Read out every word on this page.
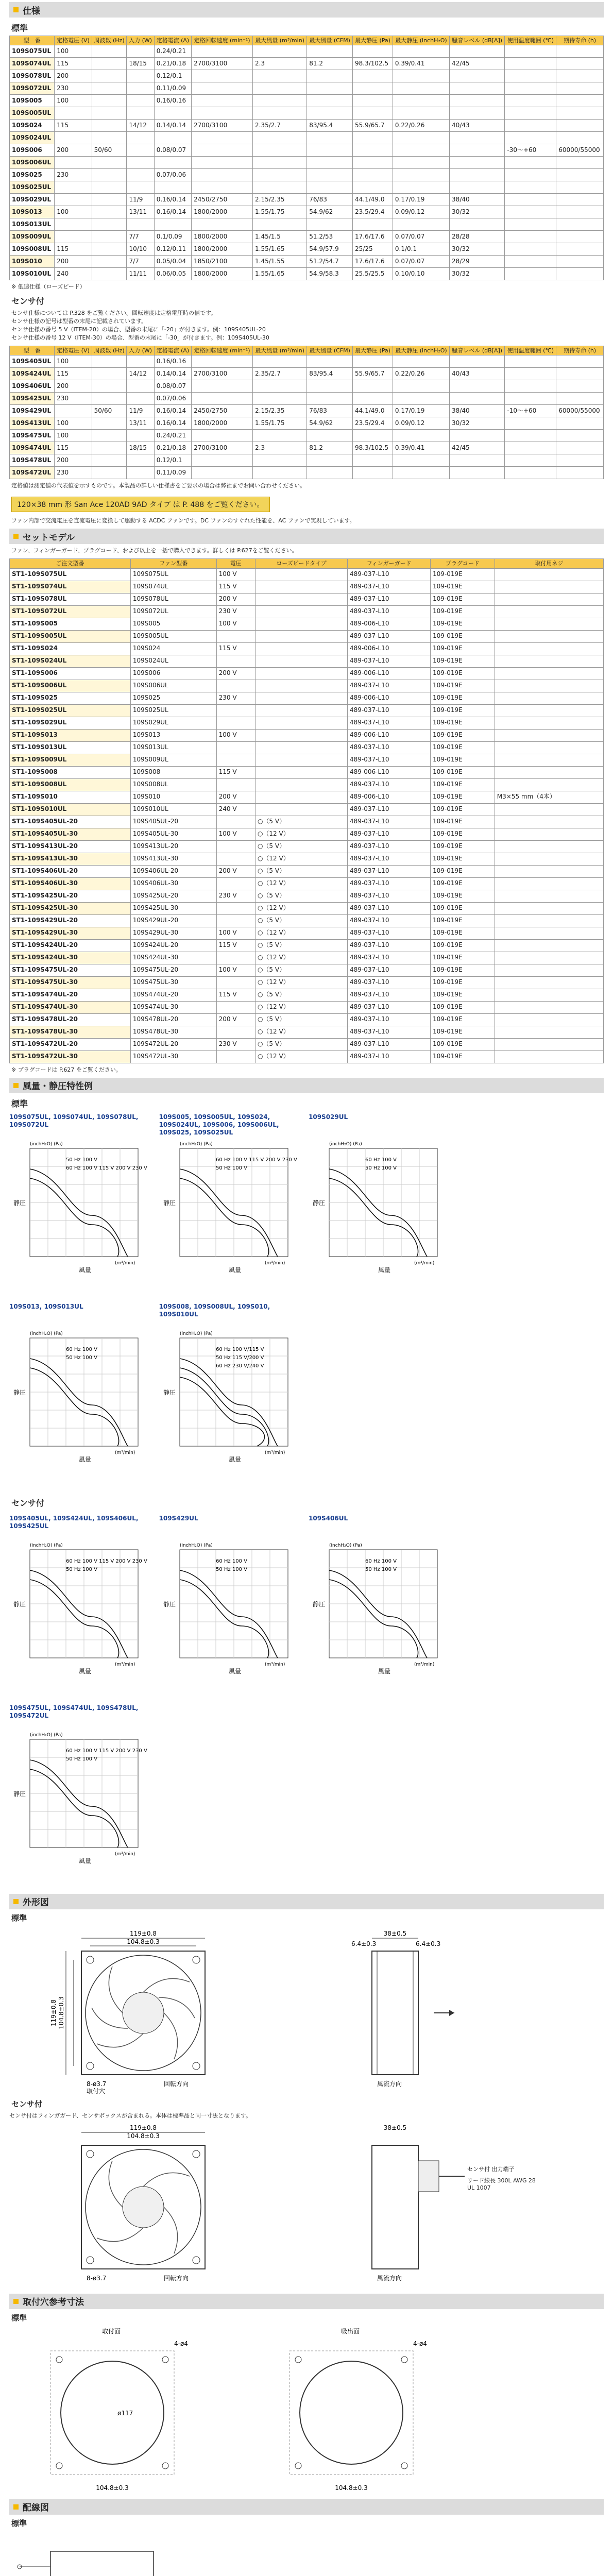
仕様
標準
型　番	定格電圧 (V)	周波数 (Hz)	入力 (W)	定格電流 (A)	定格回転速度 (min⁻¹)	最大風量 (m³/min)	最大風量 (CFM)	最大静圧 (Pa)	最大静圧 (inchH₂O)	騒音レベル (dB[A])	使用温度範囲 (℃)	期待寿命 (h)
109S075UL	100			0.24/0.21								
109S074UL	115		18/15	0.21/0.18	2700/3100	2.3	81.2	98.3/102.5	0.39/0.41	42/45		
109S078UL	200			0.12/0.1								
109S072UL	230			0.11/0.09								
109S005	100			0.16/0.16								
109S005UL												
109S024	115		14/12	0.14/0.14	2700/3100	2.35/2.7	83/95.4	55.9/65.7	0.22/0.26	40/43		
109S024UL												
109S006	200	50/60		0.08/0.07							-30～+60	60000/55000
109S006UL												
109S025	230			0.07/0.06								
109S025UL												
109S029UL			11/9	0.16/0.14	2450/2750	2.15/2.35	76/83	44.1/49.0	0.17/0.19	38/40		
109S013	100		13/11	0.16/0.14	1800/2000	1.55/1.75	54.9/62	23.5/29.4	0.09/0.12	30/32		
109S013UL												
109S009UL			7/7	0.1/0.09	1800/2000	1.45/1.5	51.2/53	17.6/17.6	0.07/0.07	28/28		
109S008UL	115		10/10	0.12/0.11	1800/2000	1.55/1.65	54.9/57.9	25/25	0.1/0.1	30/32		
109S010	200		7/7	0.05/0.04	1850/2100	1.45/1.55	51.2/54.7	17.6/17.6	0.07/0.07	28/29		
109S010UL	240		11/11	0.06/0.05	1800/2000	1.55/1.65	54.9/58.3	25.5/25.5	0.10/0.10	30/32		
※ 低速仕様（ローズピード）
センサ付
センサ仕様については P.328 をご覧ください。回転速度は定格電圧時の値です。
センサ仕様の記号は型番の末尾に記載されています。
センサ仕様の番号 5 V（ITEM-20）の場合、型番の末尾に「-20」が付きます。例：109S405UL-20
センサ仕様の番号 12 V（ITEM-30）の場合、型番の末尾に「-30」が付きます。例：109S405UL-30
型　番	定格電圧 (V)	周波数 (Hz)	入力 (W)	定格電流 (A)	定格回転速度 (min⁻¹)	最大風量 (m³/min)	最大風量 (CFM)	最大静圧 (Pa)	最大静圧 (inchH₂O)	騒音レベル (dB[A])	使用温度範囲 (℃)	期待寿命 (h)
109S405UL	100			0.16/0.16								
109S424UL	115		14/12	0.14/0.14	2700/3100	2.35/2.7	83/95.4	55.9/65.7	0.22/0.26	40/43		
109S406UL	200			0.08/0.07								
109S425UL	230			0.07/0.06								
109S429UL		50/60	11/9	0.16/0.14	2450/2750	2.15/2.35	76/83	44.1/49.0	0.17/0.19	38/40	-10～+60	60000/55000
109S413UL	100		13/11	0.16/0.14	1800/2000	1.55/1.75	54.9/62	23.5/29.4	0.09/0.12	30/32		
109S475UL	100			0.24/0.21								
109S474UL	115		18/15	0.21/0.18	2700/3100	2.3	81.2	98.3/102.5	0.39/0.41	42/45		
109S478UL	200			0.12/0.1								
109S472UL	230			0.11/0.09								
定格値は測定値の代表値を示すものです。本製品の詳しい仕様書をご要求の場合は弊社までお問い合わせください。
120×38 mm 形 San Ace 120AD 9AD タイプ は P. 488 をご覧ください。
ファン内部で交流電圧を直流電圧に変換して駆動する ACDC ファンです。DC ファンのすぐれた性能を、AC ファンで実現しています。
セットモデル
ファン、フィンガーガード、プラグコード、および以上を一括で購入できます。詳しくは P.627をご覧ください。
ご注文型番	ファン型番	電圧	ローズピードタイプ	フィンガーガード	プラグコード	取付用ネジ
ST1-109S075UL	109S075UL	100 V		489-037-L10	109-019E	
ST1-109S074UL	109S074UL	115 V		489-037-L10	109-019E	
ST1-109S078UL	109S078UL	200 V		489-037-L10	109-019E	
ST1-109S072UL	109S072UL	230 V		489-037-L10	109-019E	
ST1-109S005	109S005	100 V		489-006-L10	109-019E	
ST1-109S005UL	109S005UL			489-037-L10	109-019E	
ST1-109S024	109S024	115 V		489-006-L10	109-019E	
ST1-109S024UL	109S024UL			489-037-L10	109-019E	
ST1-109S006	109S006	200 V		489-006-L10	109-019E	
ST1-109S006UL	109S006UL			489-037-L10	109-019E	
ST1-109S025	109S025	230 V		489-006-L10	109-019E	
ST1-109S025UL	109S025UL			489-037-L10	109-019E	
ST1-109S029UL	109S029UL			489-037-L10	109-019E	
ST1-109S013	109S013	100 V		489-006-L10	109-019E	
ST1-109S013UL	109S013UL			489-037-L10	109-019E	
ST1-109S009UL	109S009UL			489-037-L10	109-019E	
ST1-109S008	109S008	115 V		489-006-L10	109-019E	
ST1-109S008UL	109S008UL			489-037-L10	109-019E	
ST1-109S010	109S010	200 V		489-006-L10	109-019E	M3×55 mm（4本）
ST1-109S010UL	109S010UL	240 V		489-037-L10	109-019E	
ST1-109S405UL-20	109S405UL-20		○（5 V）	489-037-L10	109-019E	
ST1-109S405UL-30	109S405UL-30	100 V	○（12 V）	489-037-L10	109-019E	
ST1-109S413UL-20	109S413UL-20		○（5 V）	489-037-L10	109-019E	
ST1-109S413UL-30	109S413UL-30		○（12 V）	489-037-L10	109-019E	
ST1-109S406UL-20	109S406UL-20	200 V	○（5 V）	489-037-L10	109-019E	
ST1-109S406UL-30	109S406UL-30		○（12 V）	489-037-L10	109-019E	
ST1-109S425UL-20	109S425UL-20	230 V	○（5 V）	489-037-L10	109-019E	
ST1-109S425UL-30	109S425UL-30		○（12 V）	489-037-L10	109-019E	
ST1-109S429UL-20	109S429UL-20		○（5 V）	489-037-L10	109-019E	
ST1-109S429UL-30	109S429UL-30	100 V	○（12 V）	489-037-L10	109-019E	
ST1-109S424UL-20	109S424UL-20	115 V	○（5 V）	489-037-L10	109-019E	
ST1-109S424UL-30	109S424UL-30		○（12 V）	489-037-L10	109-019E	
ST1-109S475UL-20	109S475UL-20	100 V	○（5 V）	489-037-L10	109-019E	
ST1-109S475UL-30	109S475UL-30		○（12 V）	489-037-L10	109-019E	
ST1-109S474UL-20	109S474UL-20	115 V	○（5 V）	489-037-L10	109-019E	
ST1-109S474UL-30	109S474UL-30		○（12 V）	489-037-L10	109-019E	
ST1-109S478UL-20	109S478UL-20	200 V	○（5 V）	489-037-L10	109-019E	
ST1-109S478UL-30	109S478UL-30		○（12 V）	489-037-L10	109-019E	
ST1-109S472UL-20	109S472UL-20	230 V	○（5 V）	489-037-L10	109-019E	
ST1-109S472UL-30	109S472UL-30		○（12 V）	489-037-L10	109-019E	
※ プラグコードは P.627 をご覧ください。
風量・静圧特性例
標準
109S075UL, 109S074UL, 109S078UL, 109S072UL
50 Hz 100 V
60 Hz 100 V 115 V 200 V 230 V
静圧
(inchH₂O) (Pa)
風量
(m³/min)
109S005, 109S005UL, 109S024, 109S024UL, 109S006, 109S006UL, 109S025, 109S025UL
60 Hz 100 V 115 V 200 V 230 V
50 Hz 100 V
静圧
(inchH₂O) (Pa)
風量
(m³/min)
109S029UL
60 Hz 100 V
50 Hz 100 V
静圧
(inchH₂O) (Pa)
風量
(m³/min)
109S013, 109S013UL
60 Hz 100 V
50 Hz 100 V
静圧
(inchH₂O) (Pa)
風量
(m³/min)
109S008, 109S008UL, 109S010, 109S010UL
60 Hz 100 V/115 V
50 Hz 115 V/200 V
60 Hz 230 V/240 V
静圧
(inchH₂O) (Pa)
風量
(m³/min)
センサ付
109S405UL, 109S424UL, 109S406UL, 109S425UL
60 Hz 100 V 115 V 200 V 230 V
50 Hz 100 V
静圧
(inchH₂O) (Pa)
風量
(m³/min)
109S429UL
60 Hz 100 V
50 Hz 100 V
静圧
(inchH₂O) (Pa)
風量
(m³/min)
109S406UL
60 Hz 100 V
50 Hz 100 V
静圧
(inchH₂O) (Pa)
風量
(m³/min)
109S475UL, 109S474UL, 109S478UL, 109S472UL
60 Hz 100 V 115 V 200 V 230 V
50 Hz 100 V
静圧
(inchH₂O) (Pa)
風量
(m³/min)
外形図
標準
119±0.8
104.8±0.3
119±0.8 104.8±0.3
8-ø3.7
取付穴
回転方向
38±0.5
6.4±0.3	6.4±0.3
風流方向
センサ付
センサ付はフィンガガード、センサボックスが含まれる。本体は標準品と同一寸法となります。
119±0.8
104.8±0.3
8-ø3.7	回転方向
センサ付 出力端子
リード線長 300L AWG 28 UL 1007
38±0.5
風流方向
取付穴参考寸法
標準
取付面
4-ø4
104.8±0.3
ø117
吸出面
4-ø4
104.8±0.3
配線図
標準
